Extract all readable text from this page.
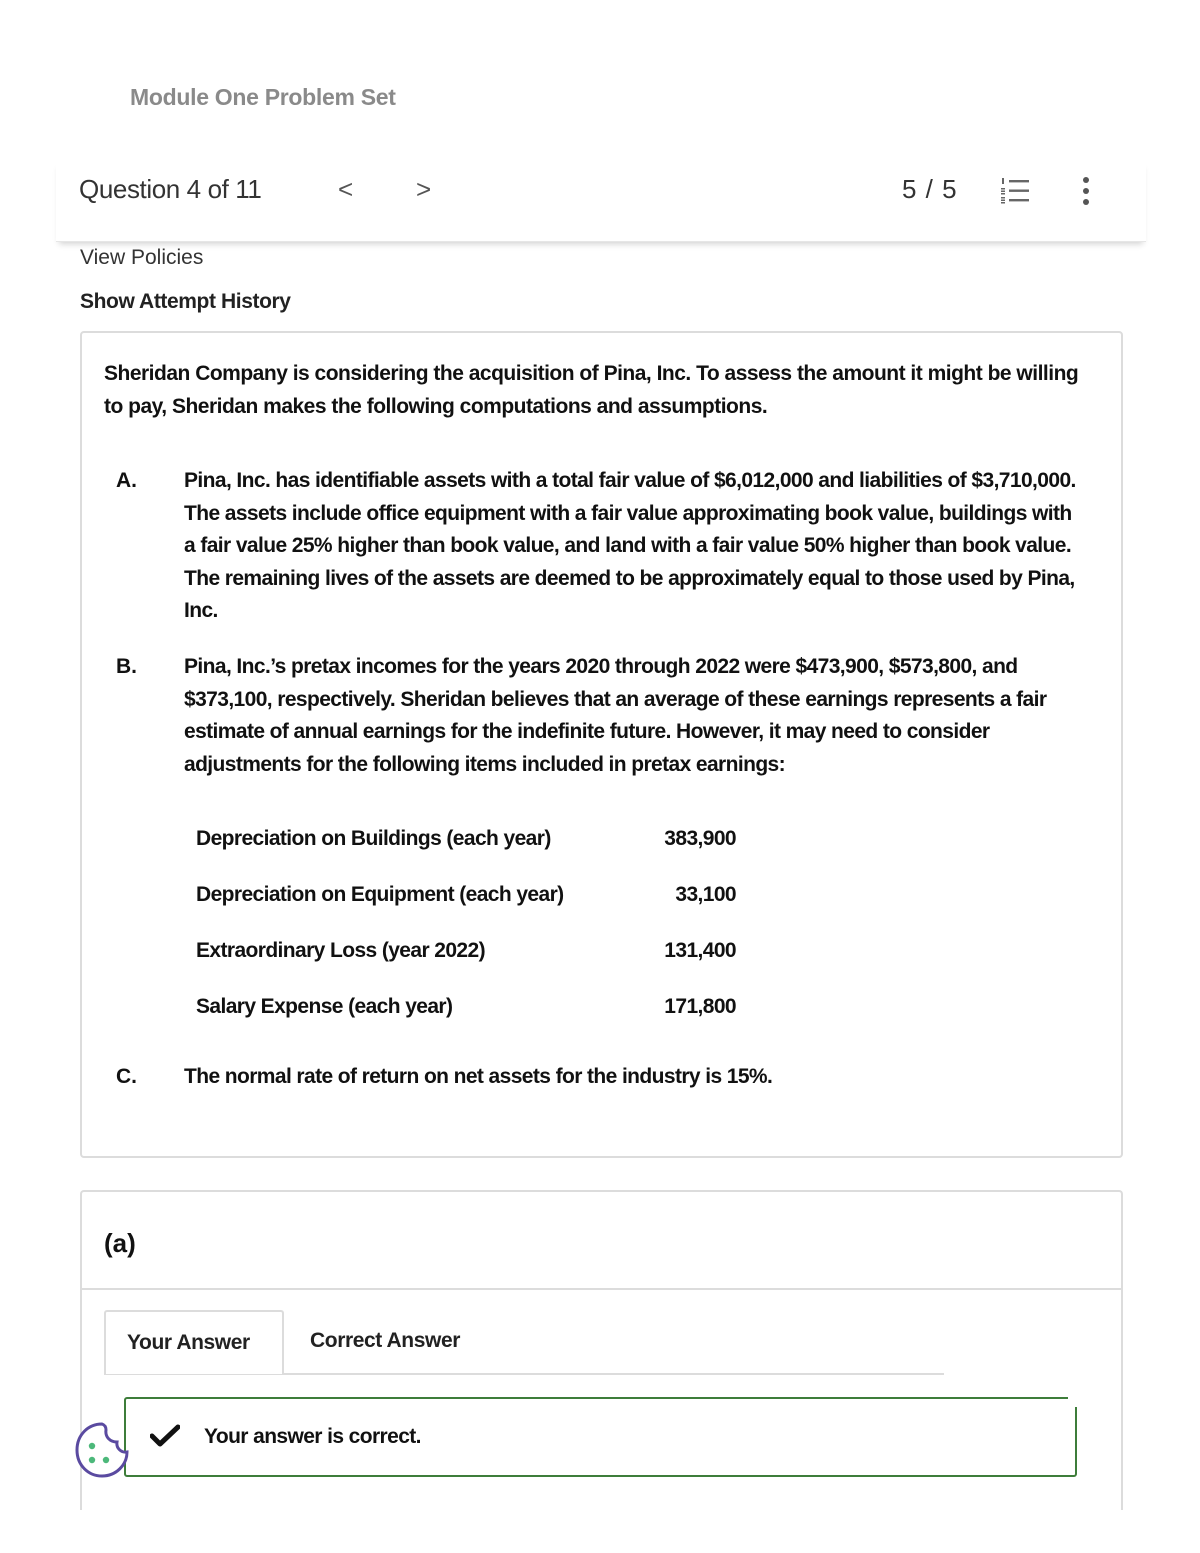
Module One Problem Set
Question 4 of 11	< >	5 / 5
View Policies
Show Attempt History
Sheridan Company is considering the acquisition of Pina, Inc. To assess the amount it might be willing to pay, Sheridan makes the following computations and assumptions.
A. Pina, Inc. has identifiable assets with a total fair value of $6,012,000 and liabilities of $3,710,000. The assets include office equipment with a fair value approximating book value, buildings with a fair value 25% higher than book value, and land with a fair value 50% higher than book value. The remaining lives of the assets are deemed to be approximately equal to those used by Pina, Inc.
B. Pina, Inc.’s pretax incomes for the years 2020 through 2022 were $473,900, $573,800, and $373,100, respectively. Sheridan believes that an average of these earnings represents a fair estimate of annual earnings for the indefinite future. However, it may need to consider adjustments for the following items included in pretax earnings:
Depreciation on Buildings (each year)	383,900
Depreciation on Equipment (each year)	33,100
Extraordinary Loss (year 2022)	131,400
Salary Expense (each year)	171,800
C. The normal rate of return on net assets for the industry is 15%.
(a)
Your Answer	Correct Answer
Your answer is correct.
